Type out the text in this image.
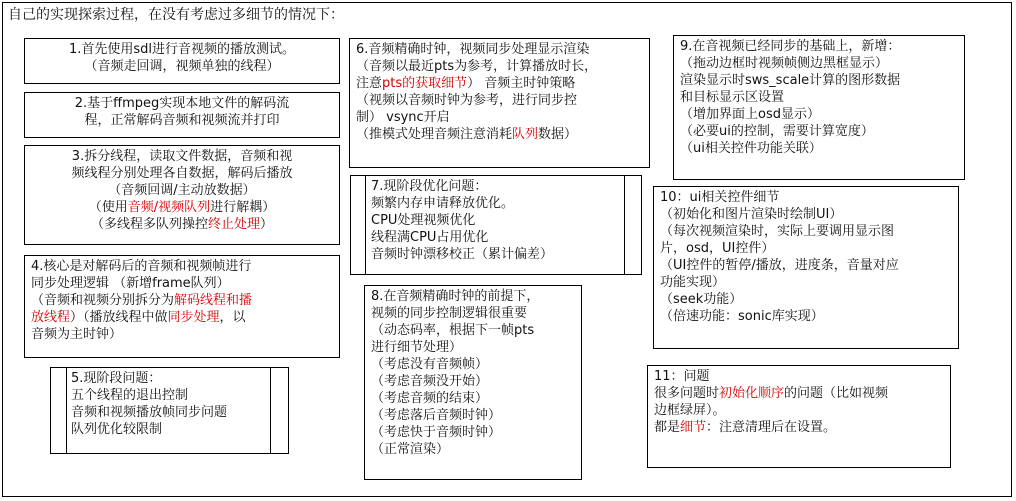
自己的实现探索过程，在没有考虑过多细节的情况下：
1.首先使用sdl进行音视频的播放测试。
（音频走回调，视频单独的线程）
2.基于ffmpeg实现本地文件的解码流
程，正常解码音频和视频流并打印
3.拆分线程，读取文件数据，音频和视
频线程分别处理各自数据，解码后播放
（音频回调/主动放数据）
（使用音频/视频队列进行解耦）
（多线程多队列操控终止处理）
4.核心是对解码后的音频和视频帧进行
同步处理逻辑 （新增frame队列）
（音频和视频分别拆分为解码线程和播
放线程）（播放线程中做同步处理，以
音频为主时钟）
5.现阶段问题：
五个线程的退出控制
音频和视频播放帧同步问题
队列优化较限制
6.音频精确时钟，视频同步处理显示渲染
（音频以最近pts为参考，计算播放时长，
注意pts的获取细节） 音频主时钟策略
（视频以音频时钟为参考，进行同步控
制） vsync开启
（推模式处理音频注意消耗队列数据）
7.现阶段优化问题：
频繁内存申请释放优化。
CPU处理视频优化
线程满CPU占用优化
音频时钟漂移校正（累计偏差）
8.在音频精确时钟的前提下，
视频的同步控制逻辑很重要
（动态码率，根据下一帧pts
进行细节处理）
（考虑没有音频帧）
（考虑音频没开始）
（考虑音频的结束）
（考虑落后音频时钟）
（考虑快于音频时钟）
（正常渲染）
9.在音视频已经同步的基础上，新增：
（拖动边框时视频帧侧边黑框显示）
渲染显示时sws_scale计算的图形数据
和目标显示区设置
（增加界面上osd显示）
（必要ui的控制，需要计算宽度）
（ui相关控件功能关联）
10：ui相关控件细节
（初始化和图片渲染时绘制UI）
（每次视频渲染时，实际上要调用显示图
片，osd，UI控件）
（UI控件的暂停/播放，进度条，音量对应
功能实现）
（seek功能）
（倍速功能：sonic库实现）
11：问题
很多问题时初始化顺序的问题（比如视频
边框绿屏）。
都是细节：注意清理后在设置。
